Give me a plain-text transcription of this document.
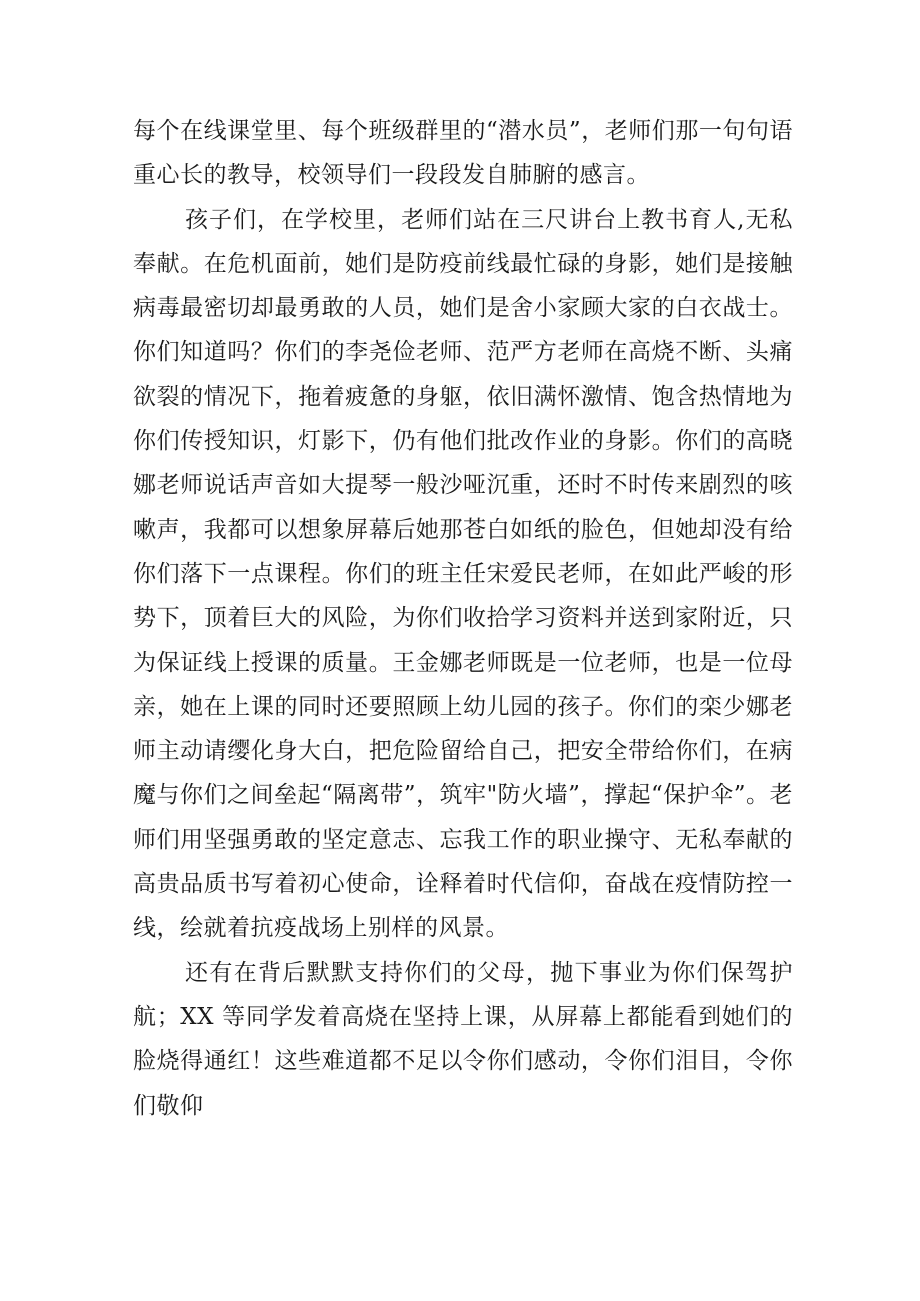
每个在线课堂里、每个班级群里的“潜水员”，老师们那一句句语重心长的教导，校领导们一段段发自肺腑的感言。

孩子们，在学校里，老师们站在三尺讲台上教书育人,无私奉献。在危机面前，她们是防疫前线最忙碌的身影，她们是接触病毒最密切却最勇敢的人员，她们是舍小家顾大家的白衣战士。你们知道吗？你们的李尧俭老师、范严方老师在高烧不断、头痛欲裂的情况下，拖着疲惫的身躯，依旧满怀激情、饱含热情地为你们传授知识，灯影下，仍有他们批改作业的身影。你们的高晓娜老师说话声音如大提琴一般沙哑沉重，还时不时传来剧烈的咳嗽声，我都可以想象屏幕后她那苍白如纸的脸色，但她却没有给你们落下一点课程。你们的班主任宋爱民老师，在如此严峻的形势下，顶着巨大的风险，为你们收拾学习资料并送到家附近，只为保证线上授课的质量。王金娜老师既是一位老师，也是一位母亲，她在上课的同时还要照顾上幼儿园的孩子。你们的栾少娜老师主动请缨化身大白，把危险留给自己，把安全带给你们，在病魔与你们之间垒起“隔离带”，筑牢"防火墙”，撑起“保护伞”。老师们用坚强勇敢的坚定意志、忘我工作的职业操守、无私奉献的高贵品质书写着初心使命，诠释着时代信仰，奋战在疫情防控一线，绘就着抗疫战场上别样的风景。

还有在背后默默支持你们的父母，抛下事业为你们保驾护航；XX 等同学发着高烧在坚持上课，从屏幕上都能看到她们的脸烧得通红！这些难道都不足以令你们感动，令你们泪目，令你们敬仰
